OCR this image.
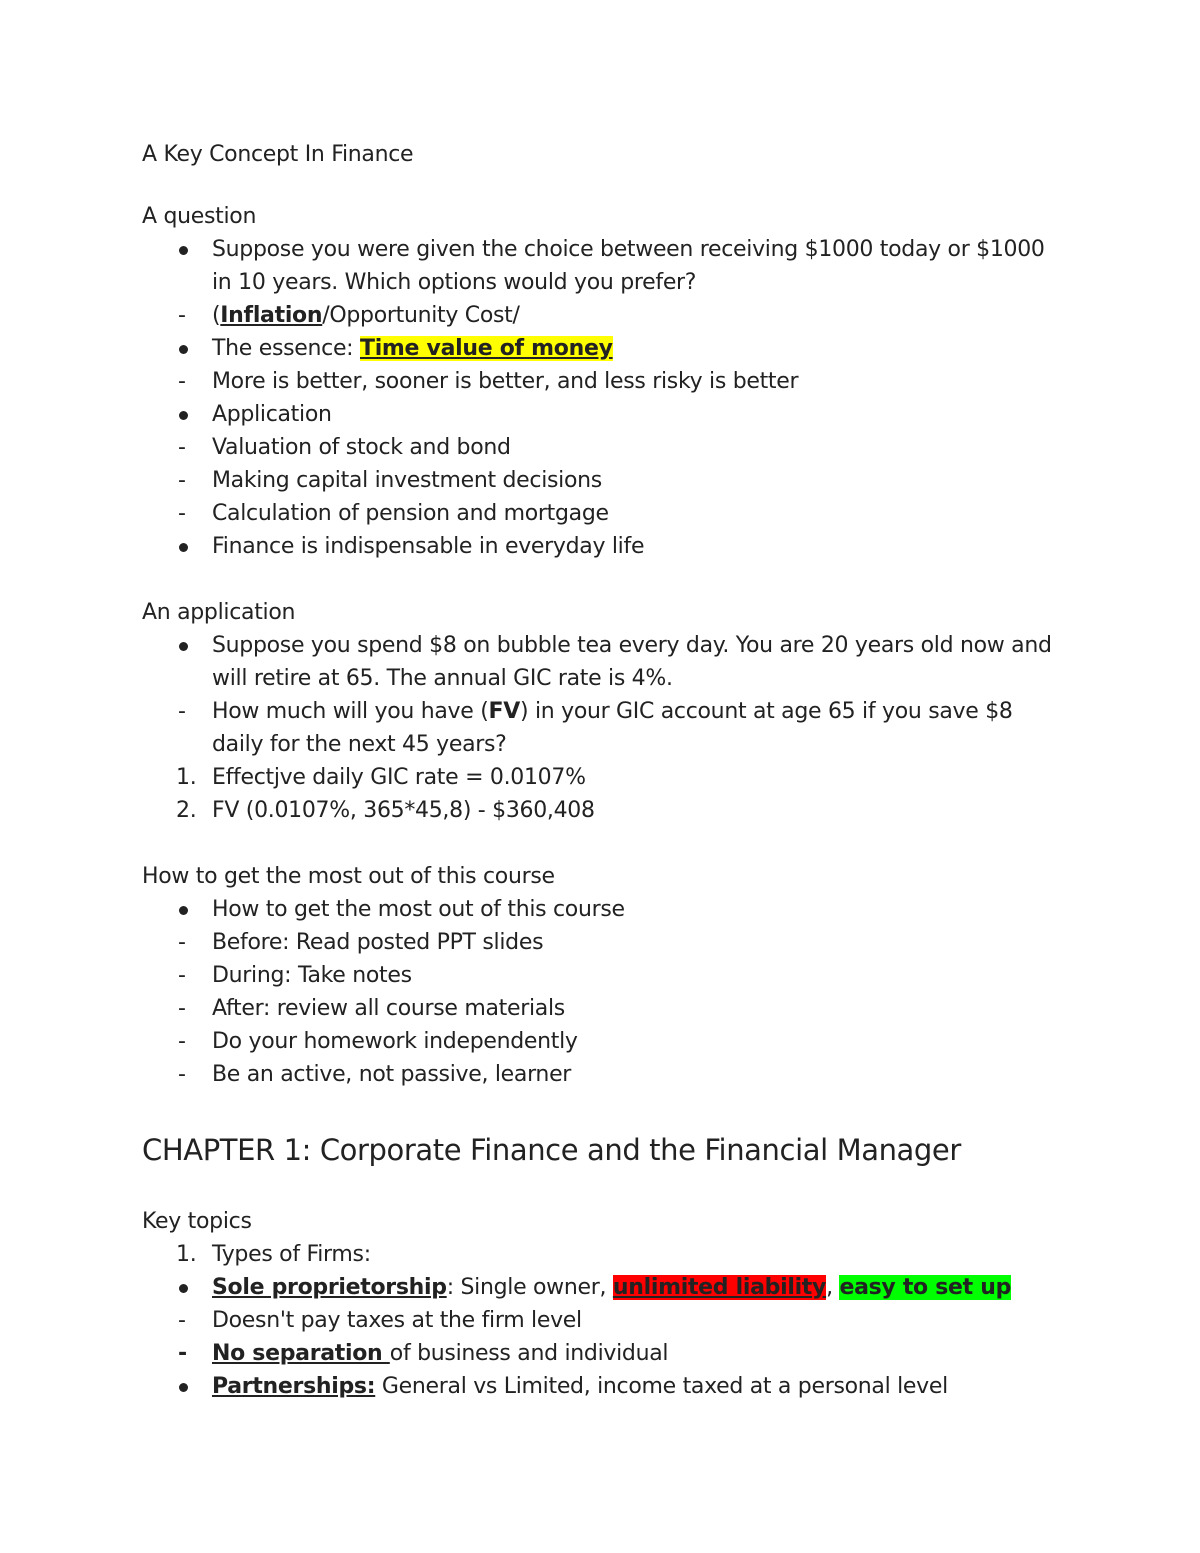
A Key Concept In Finance
A question
Suppose you were given the choice between receiving $1000 today or $1000 in 10 years. Which options would you prefer?
-
(Inflation/Opportunity Cost/
The essence: Time value of money
-
More is better, sooner is better, and less risky is better
Application
-
Valuation of stock and bond
-
Making capital investment decisions
-
Calculation of pension and mortgage
Finance is indispensable in everyday life
An application
Suppose you spend $8 on bubble tea every day. You are 20 years old now and will retire at 65. The annual GIC rate is 4%.
-
How much will you have (FV) in your GIC account at age 65 if you save $8 daily for the next 45 years?
1. Effectjve daily GIC rate = 0.0107%
2. FV (0.0107%, 365*45,8) - $360,408
How to get the most out of this course
How to get the most out of this course
-
Before: Read posted PPT slides
-
During: Take notes
-
After: review all course materials
-
Do your homework independently
-
Be an active, not passive, learner
CHAPTER 1: Corporate Finance and the Financial Manager
Key topics
1. Types of Firms:
Sole proprietorship: Single owner, unlimited liability, easy to set up
-
Doesn't pay taxes at the firm level
-
No separation of business and individual
Partnerships: General vs Limited, income taxed at a personal level
